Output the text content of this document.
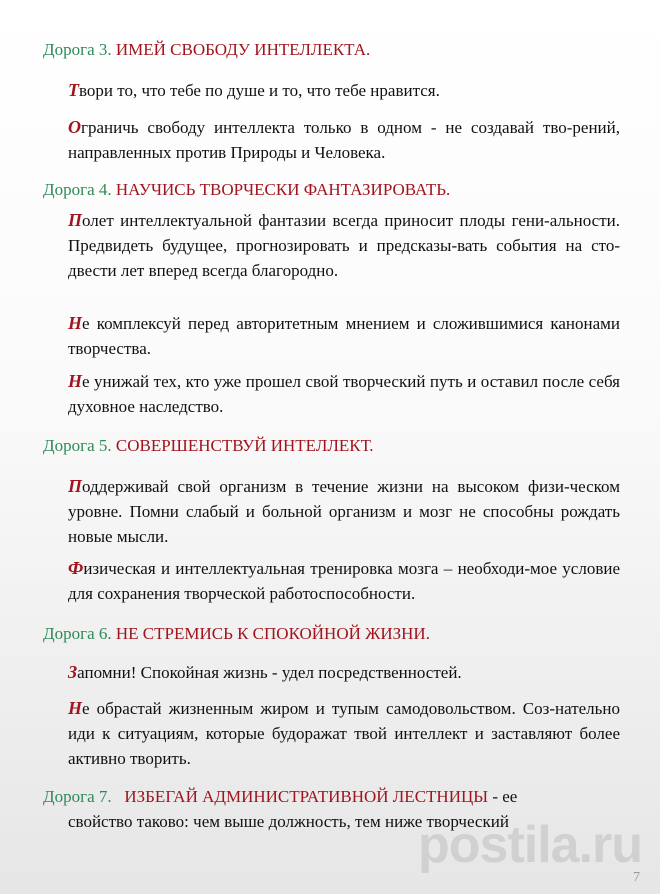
Дорога 3. ИМЕЙ СВОБОДУ ИНТЕЛЛЕКТА.

Твори то, что тебе по душе и то, что тебе нравится.

Ограничь свободу интеллекта только в одном - не создавай тво-рений, направленных против Природы и Человека.

Дорога 4. НАУЧИСЬ ТВОРЧЕСКИ ФАНТАЗИРОВАТЬ.

Полет интеллектуальной фантазии всегда приносит плоды гени-альности. Предвидеть будущее, прогнозировать и предсказы-вать события на сто-двести лет вперед всегда благородно.

Не комплексуй перед авторитетным мнением и сложившимися канонами творчества.

Не унижай тех, кто уже прошел свой творческий путь и оставил после себя духовное наследство.

Дорога 5. СОВЕРШЕНСТВУЙ ИНТЕЛЛЕКТ.

Поддерживай свой организм в течение жизни на высоком физи-ческом уровне. Помни слабый и больной организм и мозг не способны рождать новые мысли.

Физическая и интеллектуальная тренировка мозга – необходи-мое условие для сохранения творческой работоспособности.

Дорога 6. НЕ СТРЕМИСЬ К СПОКОЙНОЙ ЖИЗНИ.

Запомни! Спокойная жизнь - удел посредственностей.

Не обрастай жизненным жиром и тупым самодовольством. Соз-нательно иди к ситуациям, которые будоражат твой интеллект и заставляют более активно творить.

Дорога 7. ИЗБЕГАЙ АДМИНИСТРАТИВНОЙ ЛЕСТНИЦЫ - ее
свойство таково: чем выше должность, тем ниже творческий

postila.ru
7
